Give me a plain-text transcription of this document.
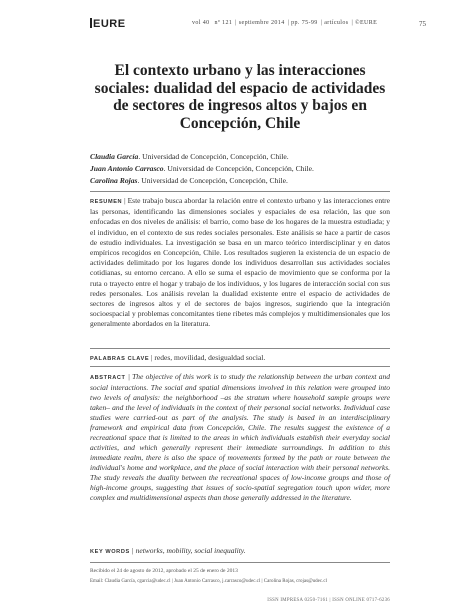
EURE	vol 40 nº 121 | septiembre 2014 | pp. 75-99 | artículos | ©EURE	75
El contexto urbano y las interacciones sociales: dualidad del espacio de actividades de sectores de ingresos altos y bajos en Concepción, Chile

Claudia García. Universidad de Concepción, Concepción, Chile.

Juan Antonio Carrasco. Universidad de Concepción, Concepción, Chile.

Carolina Rojas. Universidad de Concepción, Concepción, Chile.

RESUMEN | Este trabajo busca abordar la relación entre el contexto urbano y las interacciones entre las personas, identificando las dimensiones sociales y espaciales de esa relación, las que son enfocadas en dos niveles de análisis: el barrio, como base de los hogares de la muestra estudiada; y el individuo, en el contexto de sus redes sociales personales. Este análisis se hace a partir de casos de estudio individuales. La investigación se basa en un marco teórico interdisciplinar y en datos empíricos recogidos en Concepción, Chile. Los resultados sugieren la existencia de un espacio de actividades delimitado por los lugares donde los individuos desarrollan sus actividades sociales cotidianas, su entorno cercano. A ello se suma el espacio de movimiento que se conforma por la ruta o trayecto entre el hogar y trabajo de los individuos, y los lugares de interacción social con sus redes personales. Los análisis revelan la dualidad existente entre el espacio de actividades de sectores de ingresos altos y el de sectores de bajos ingresos, sugiriendo que la integración socioespacial y problemas concomitantes tiene ribetes más complejos y multidimensionales que los generalmente abordados en la literatura.
PALABRAS CLAVE | redes, movilidad, desigualdad social.
ABSTRACT | The objective of this work is to study the relationship between the urban context and social interactions. The social and spatial dimensions involved in this relation were grouped into two levels of analysis: the neighborhood –as the stratum where household sample groups were taken– and the level of individuals in the context of their personal social networks. Individual case studies were carried-out as part of the analysis. The study is based in an interdisciplinary framework and empirical data from Concepción, Chile. The results suggest the existence of a recreational space that is limited to the areas in which individuals establish their everyday social activities, and which generally represent their immediate surroundings. In addition to this immediate realm, there is also the space of movements formed by the path or route between the individual's home and workplace, and the place of social interaction with their personal networks. The study reveals the duality between the recreational spaces of low-income groups and those of high-income groups, suggesting that issues of socio-spatial segregation touch upon wider, more complex and multidimensional aspects than those generally addressed in the literature.
KEY WORDS | networks, mobility, social inequality.
Recibido el 24 de agosto de 2012, aprobado el 25 de enero de 2013
Email: Claudia García, cgarcia@udec.cl | Juan Antonio Carrasco, j.carrasco@udec.cl | Carolina Rojas, crojas@udec.cl
ISSN IMPRESA 0250-7161 | ISSN ONLINE 0717-6236
